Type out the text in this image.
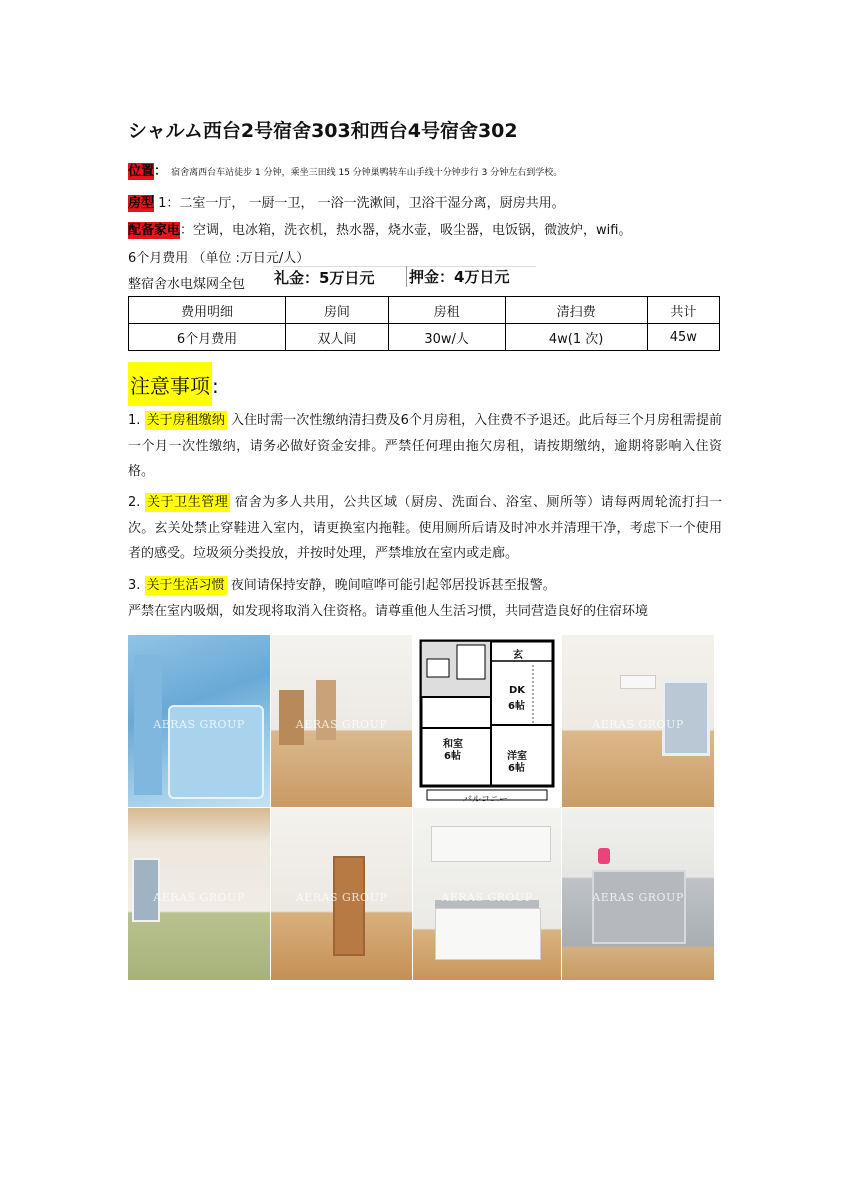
シャルム西台2号宿舍303和西台4号宿舍302
位置： 宿舍离西台车站徒步 1 分钟，乘坐三田线 15 分钟巣鸭转车山手线十分钟步行 3 分钟左右到学校。
房型 1：二室一厅， 一厨一卫， 一浴一洗漱间，卫浴干湿分离，厨房共用。
配备家电：空调，电冰箱，洗衣机，热水器，烧水壶，吸尘器，电饭锅，微波炉，wifi。
6个月费用 （单位 :万日元/人）
整宿舍水电煤网全包 礼金：5万日元	押金：4万日元
费用明细	房间	房租	清扫费	共计
6个月费用	双人间	30w/人	4w(1 次)	45w
注意事项 :
1. 关于房租缴纳 入住时需一次性缴纳清扫费及6个月房租，入住费不予退还。此后每三个月房租需提前一个月一次性缴纳，请务必做好资金安排。严禁任何理由拖欠房租，请按期缴纳，逾期将影响入住资格。
2. 关于卫生管理 宿舍为多人共用，公共区域（厨房、洗面台、浴室、厕所等）请每两周轮流打扫一次。玄关处禁止穿鞋进入室内，请更换室内拖鞋。使用厕所后请及时冲水并清理干净，考虑下一个使用者的感受。垃圾须分类投放，并按时处理，严禁堆放在室内或走廊。
3. 关于生活习惯 夜间请保持安静，晚间喧哗可能引起邻居投诉甚至报警。
严禁在室内吸烟，如发现将取消入住资格。请尊重他人生活习惯，共同营造良好的住宿环境
AERAS GROUP	AERAS GROUP
玄
DK
6帖
和室
6帖	洋室
6帖
バルコニー
AERAS GROUP
AERAS GROUP	AERAS GROUP	AERAS GROUP	AERAS GROUP
